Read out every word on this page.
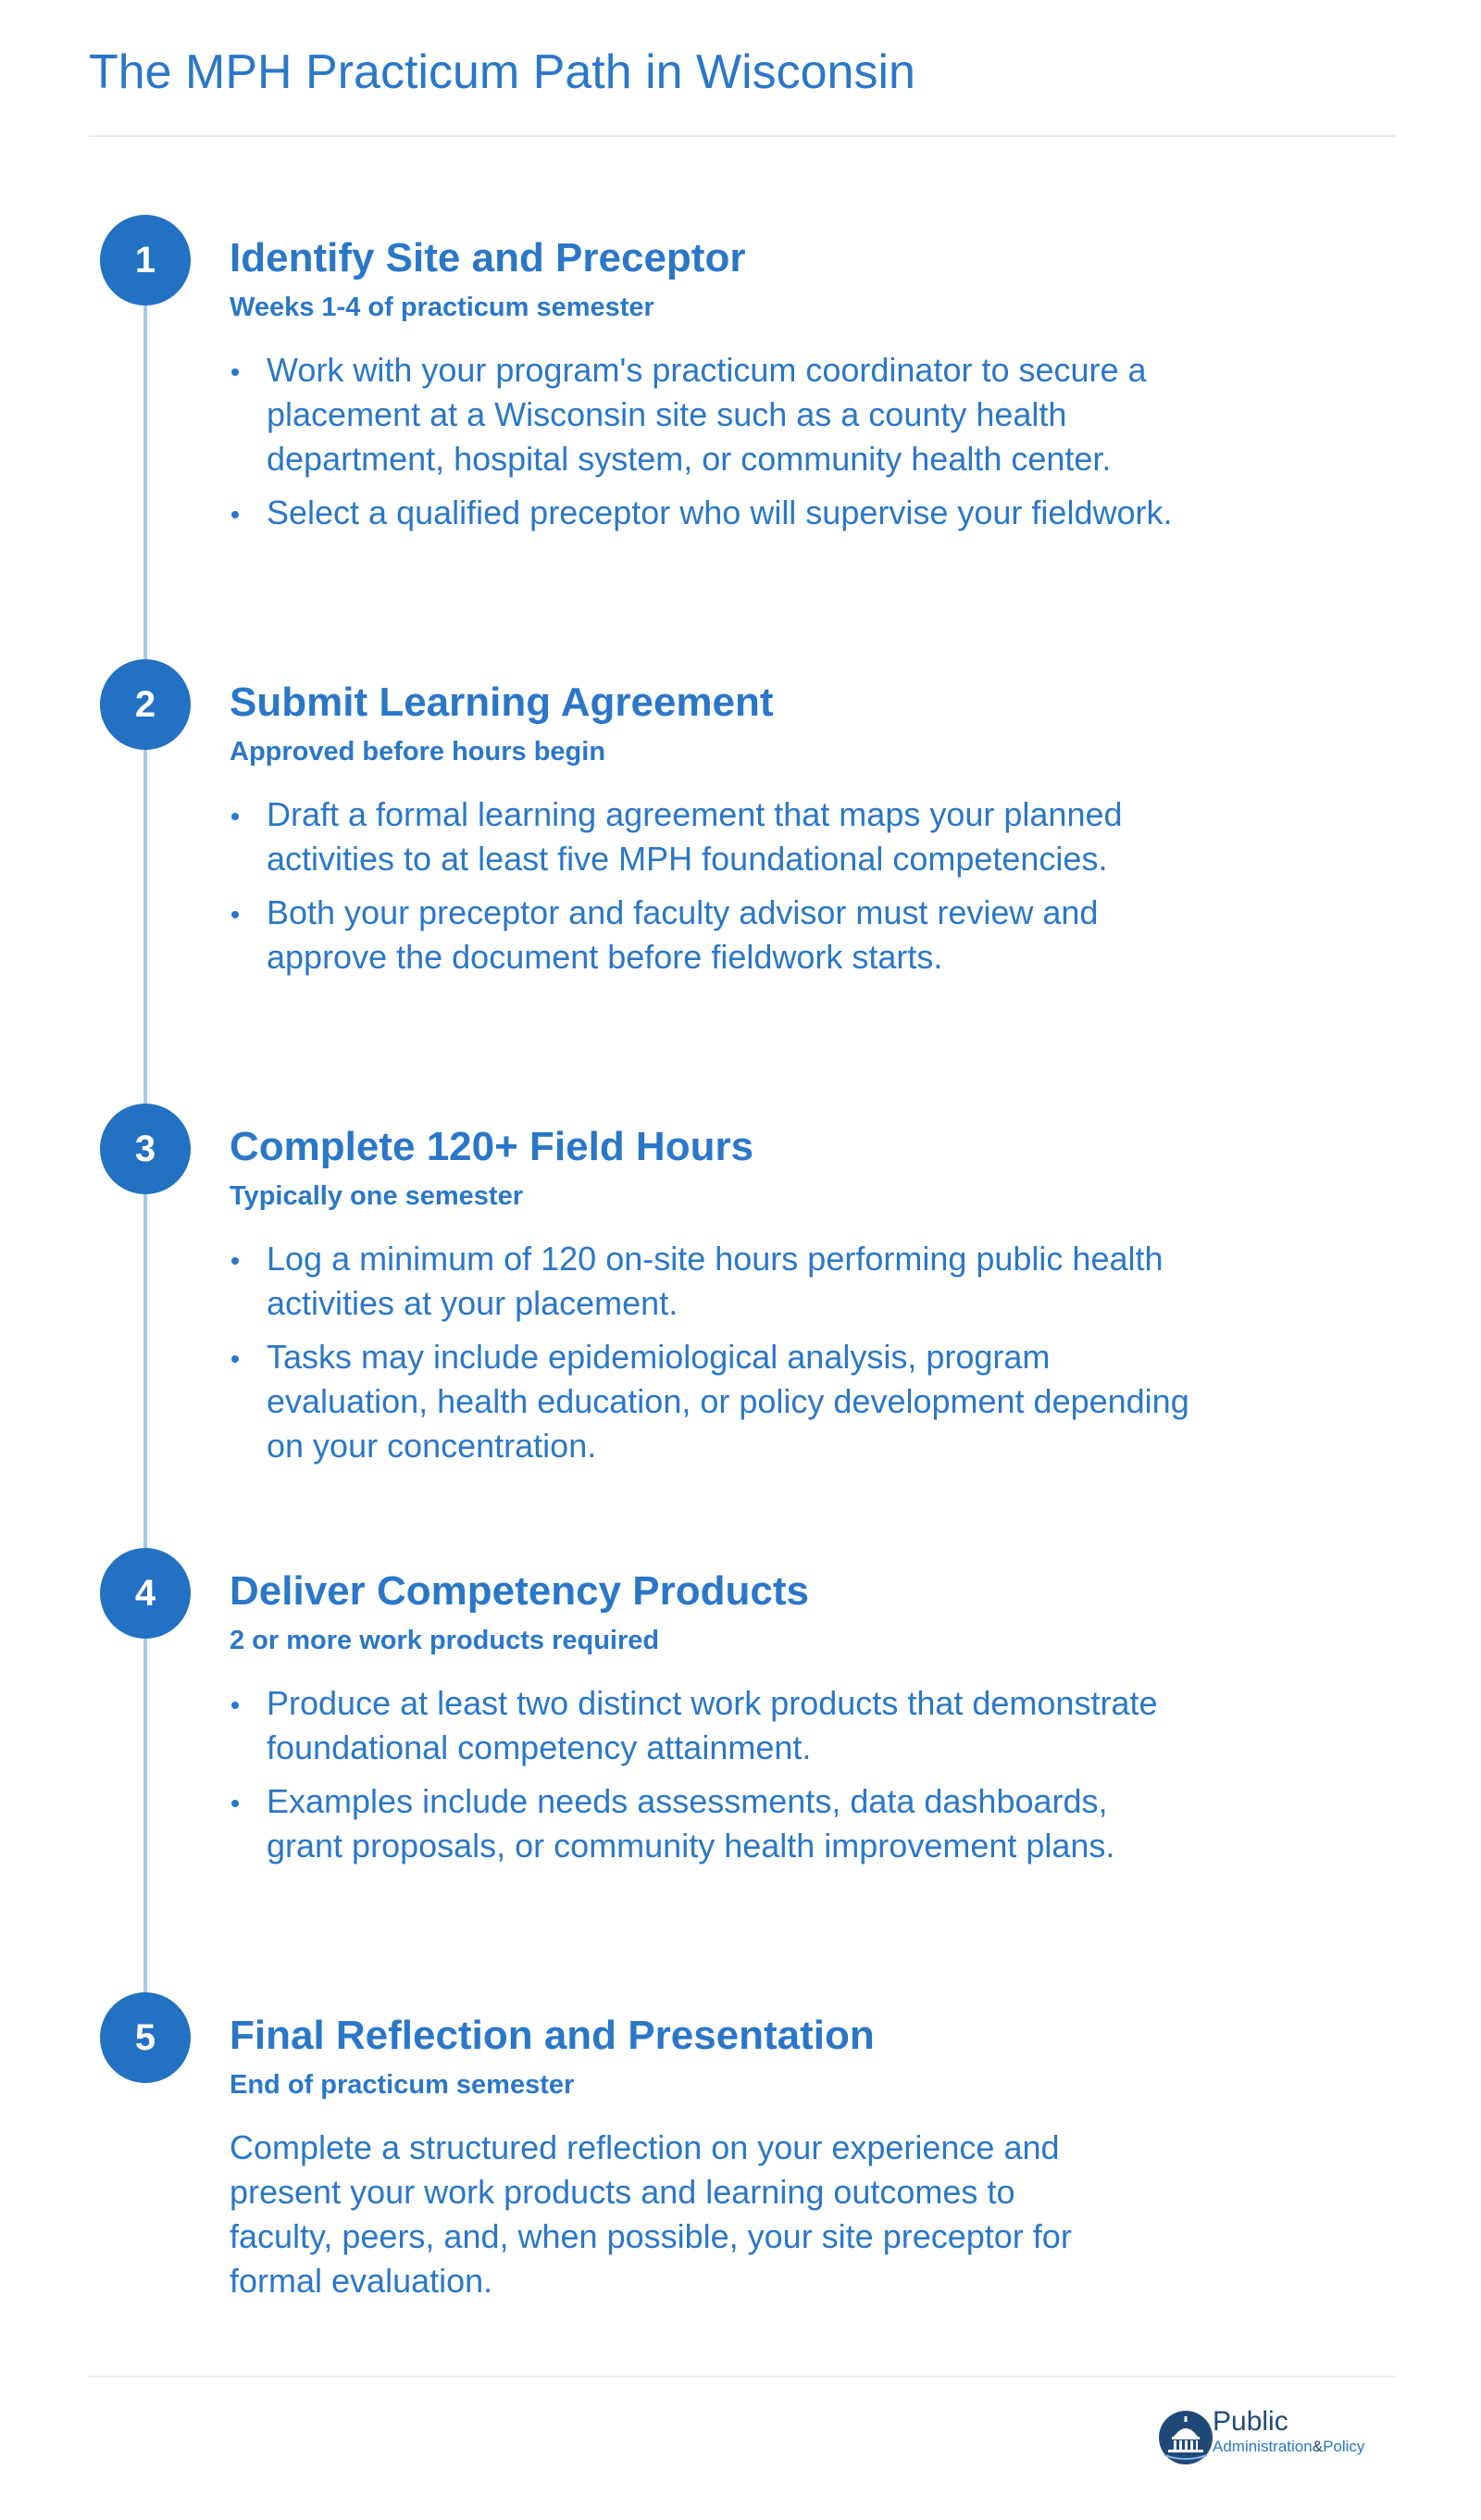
The MPH Practicum Path in Wisconsin
1	Identify Site and Preceptor

Weeks 1-4 of practicum semester

Work with your program's practicum coordinator to secure a placement at a Wisconsin site such as a county health department, hospital system, or community health center.
Select a qualified preceptor who will supervise your fieldwork.
2	Submit Learning Agreement

Approved before hours begin

Draft a formal learning agreement that maps your planned activities to at least five MPH foundational competencies.
Both your preceptor and faculty advisor must review and approve the document before fieldwork starts.
3	Complete 120+ Field Hours

Typically one semester

Log a minimum of 120 on-site hours performing public health activities at your placement.
Tasks may include epidemiological analysis, program evaluation, health education, or policy development depending on your concentration.
4	Deliver Competency Products

2 or more work products required

Produce at least two distinct work products that demonstrate foundational competency attainment.
Examples include needs assessments, data dashboards, grant proposals, or community health improvement plans.
5	Final Reflection and Presentation

End of practicum semester

Complete a structured reflection on your experience and present your work products and learning outcomes to faculty, peers, and, when possible, your site preceptor for formal evaluation.

Public
Administration&Policy
